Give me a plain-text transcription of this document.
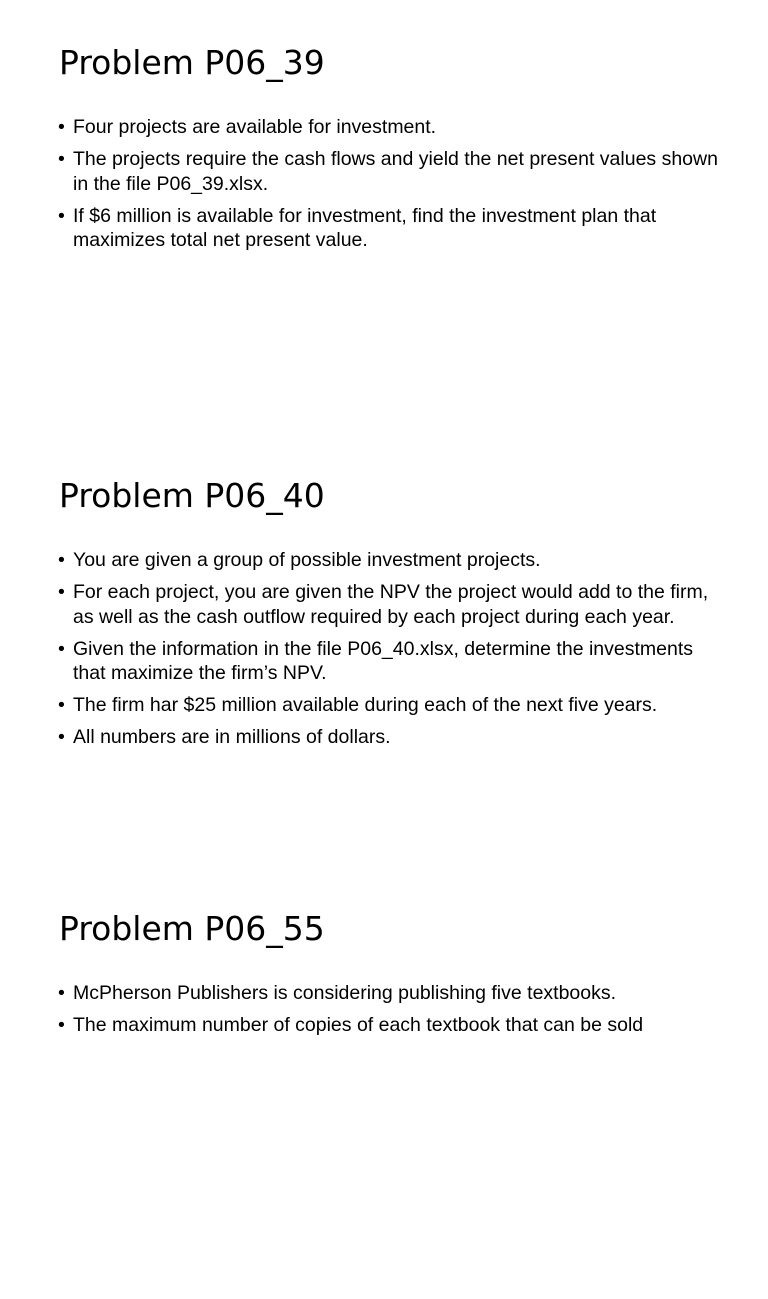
Problem P06_39
• Four projects are available for investment.
• The projects require the cash flows and yield the net present values shown in the file P06_39.xlsx.
• If $6 million is available for investment, find the investment plan that maximizes total net present value.
Problem P06_40
• You are given a group of possible investment projects.
• For each project, you are given the NPV the project would add to the firm, as well as the cash outflow required by each project during each year.
• Given the information in the file P06_40.xlsx, determine the investments that maximize the firm’s NPV.
• The firm har $25 million available during each of the next five years.
• All numbers are in millions of dollars.
Problem P06_55
• McPherson Publishers is considering publishing five textbooks.
• The maximum number of copies of each textbook that can be sold
